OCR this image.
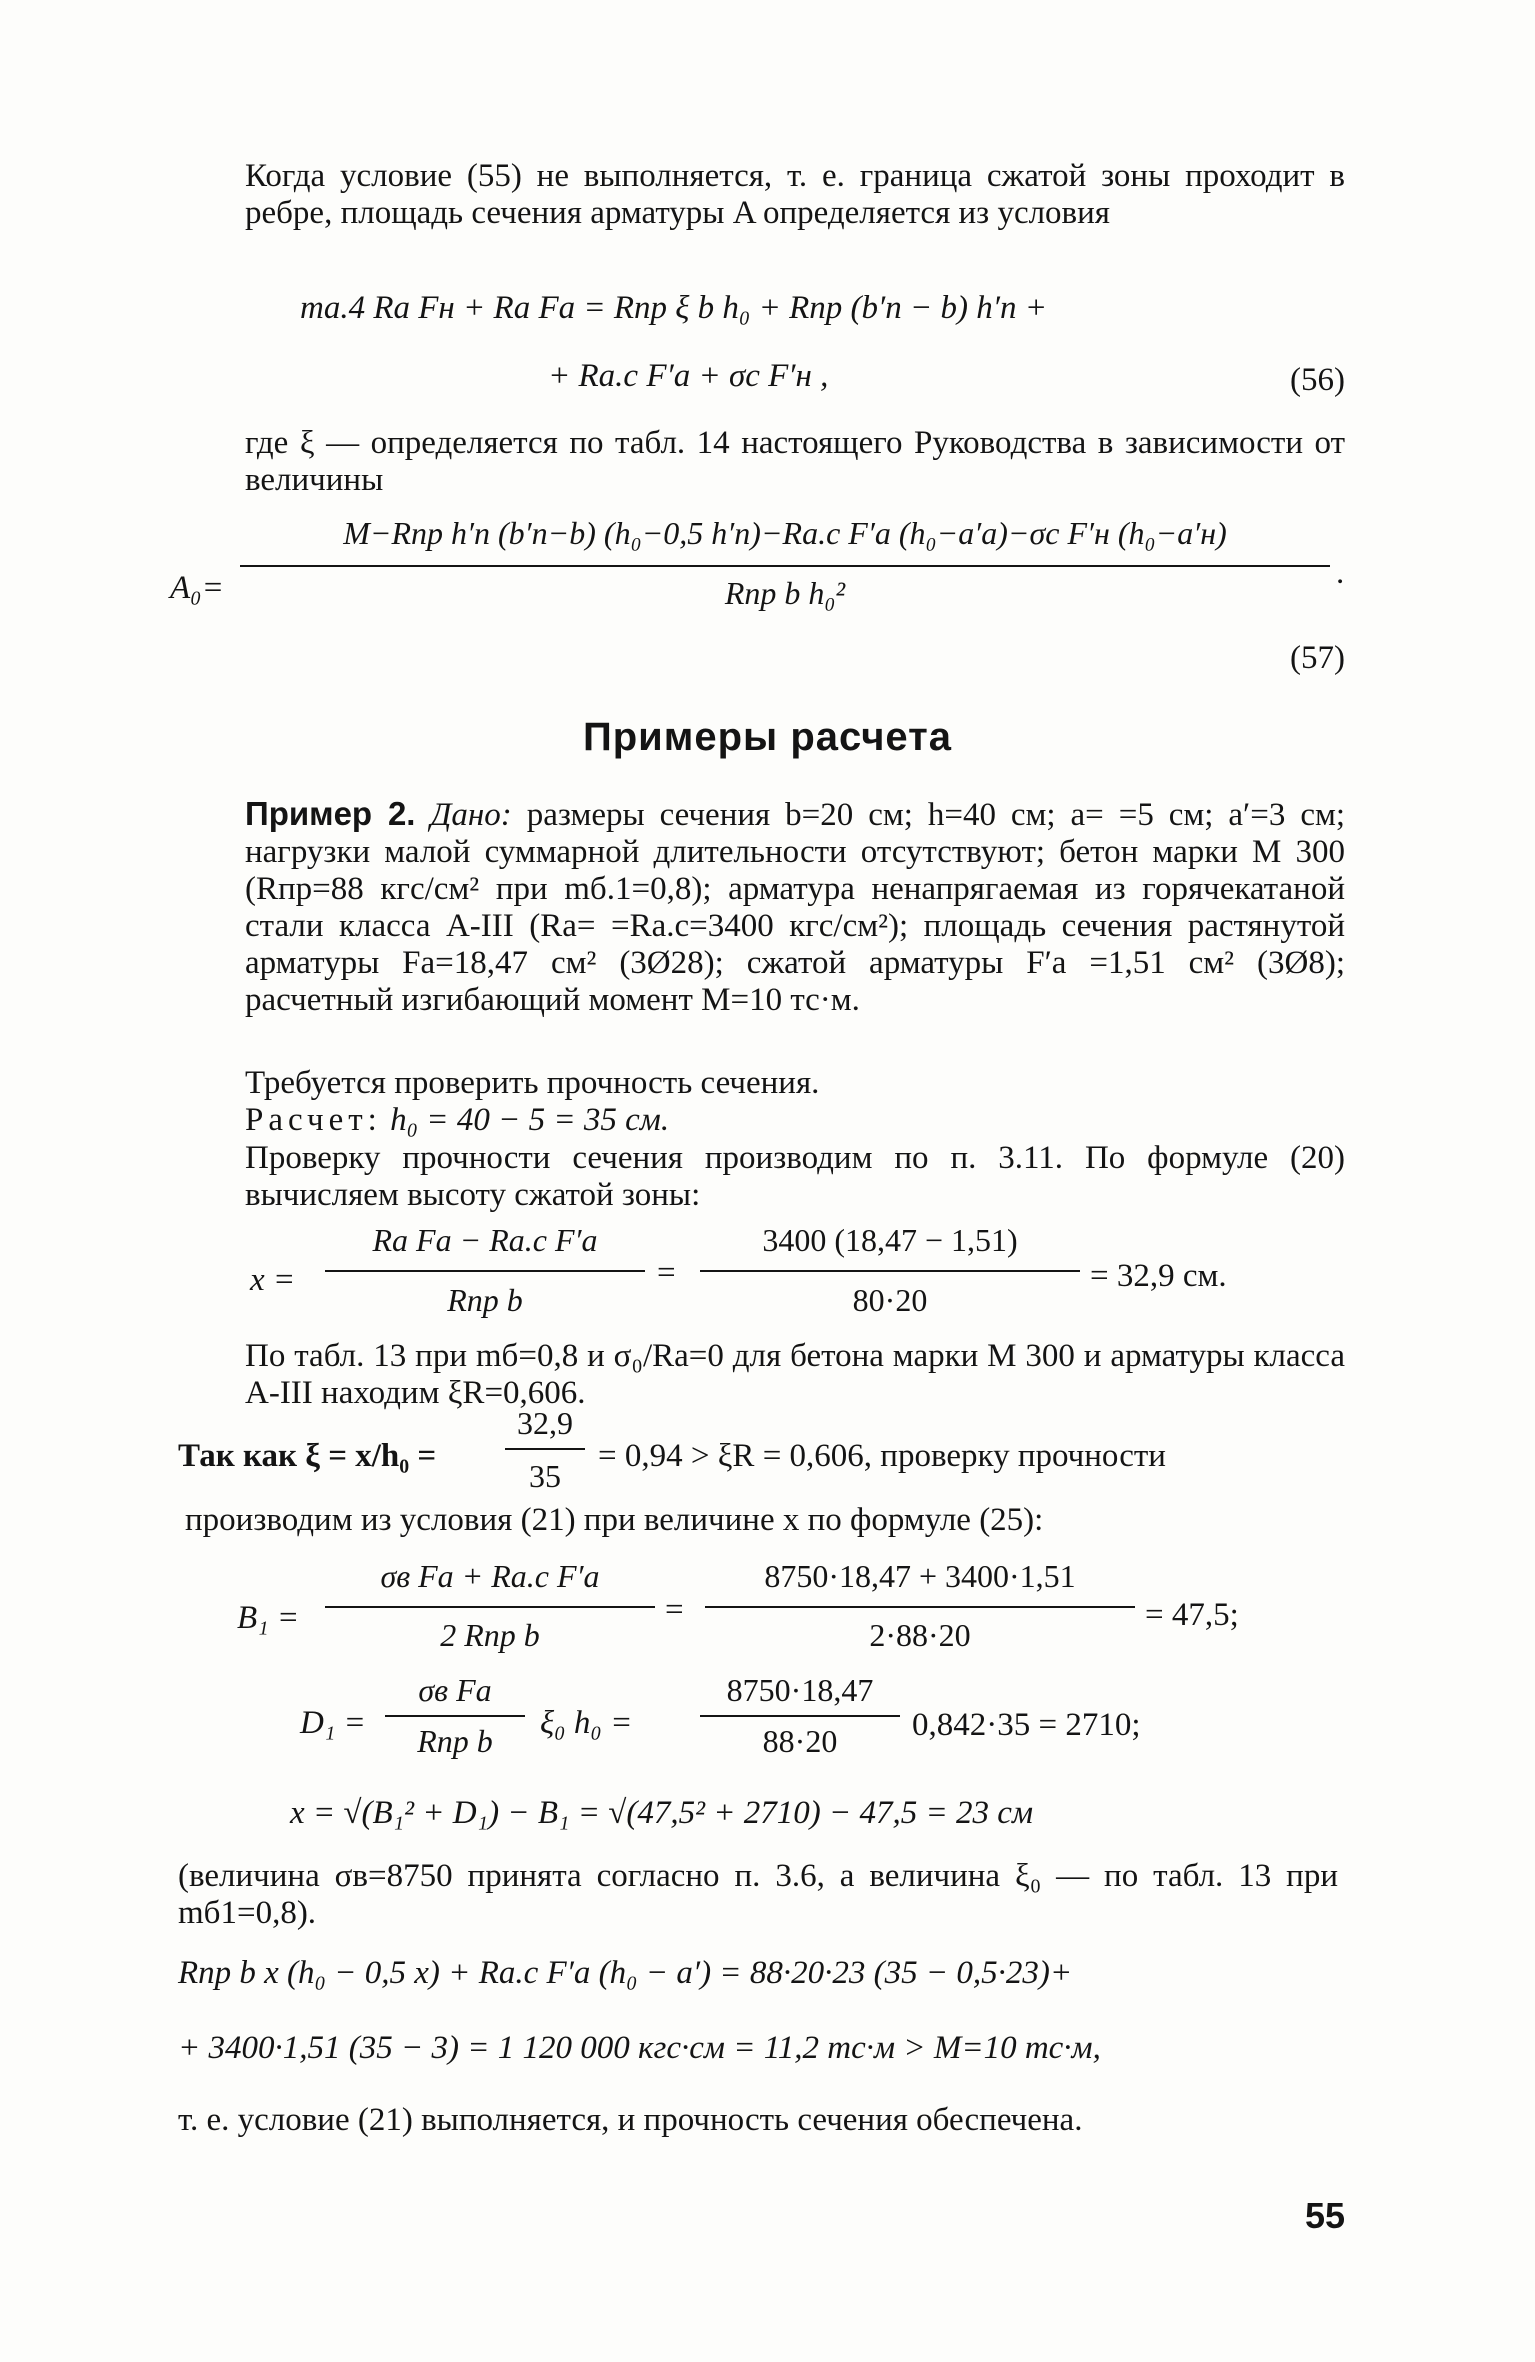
Когда условие (55) не выполняется, т. е. граница сжатой зоны проходит в ребре, площадь сечения арматуры A определяется из условия
mа.4 Rа Fн + Rа Fа = Rпр ξ b h₀ + Rпр (b′п − b) h′п +
+ Rа.с F′а + σс F′н ,	(56)
где ξ — определяется по табл. 14 настоящего Руководства в зависимости от величины
A₀=
M−Rпр h′п (b′п−b) (h₀−0,5 h′п)−Rа.с F′а (h₀−a′а)−σс F′н (h₀−a′н)
Rпр b h₀²
.
(57)
Примеры расчета
Пример 2. Дано: размеры сечения b=20 см; h=40 см; a= =5 см; a′=3 см; нагрузки малой суммарной длительности отсутствуют; бетон марки М 300 (Rпр=88 кгс/см² при mб.1=0,8); арматура ненапрягаемая из горячекатаной стали класса А-III (Rа= =Rа.с=3400 кгс/см²); площадь сечения растянутой арматуры Fа=18,47 см² (3Ø28); сжатой арматуры F′а =1,51 см² (3Ø8); расчетный изгибающий момент M=10 тс·м.
Требуется проверить прочность сечения.
Расчет: h₀ = 40 − 5 = 35 см.
Проверку прочности сечения производим по п. 3.11. По формуле (20) вычисляем высоту сжатой зоны:
x =
Rа Fа − Rа.с F′а
Rпр b
=
3400 (18,47 − 1,51)
80·20
= 32,9 см.
По табл. 13 при mб=0,8 и σ₀/Rа=0 для бетона марки М 300 и арматуры класса А-III находим ξR=0,606.
Так как ξ = x/h₀ =
32,9
35
= 0,94 > ξR = 0,606, проверку прочности
производим из условия (21) при величине x по формуле (25):
B₁ =
σв Fа + Rа.с F′а
2 Rпр b
=
8750·18,47 + 3400·1,51
2·88·20
= 47,5;
D₁ =
σв Fа
Rпр b	ξ₀ h₀ =
8750·18,47
88·20	0,842·35 = 2710;
x = √(B₁² + D₁) − B₁ = √(47,5² + 2710) − 47,5 = 23 см
(величина σв=8750 принята согласно п. 3.6, а величина ξ₀ — по табл. 13 при mб1=0,8).
Rпр b x (h₀ − 0,5 x) + Rа.с F′а (h₀ − a′) = 88·20·23 (35 − 0,5·23)+
+ 3400·1,51 (35 − 3) = 1 120 000 кгс·см = 11,2 тс·м > M=10 тс·м,
т. е. условие (21) выполняется, и прочность сечения обеспечена.
55
